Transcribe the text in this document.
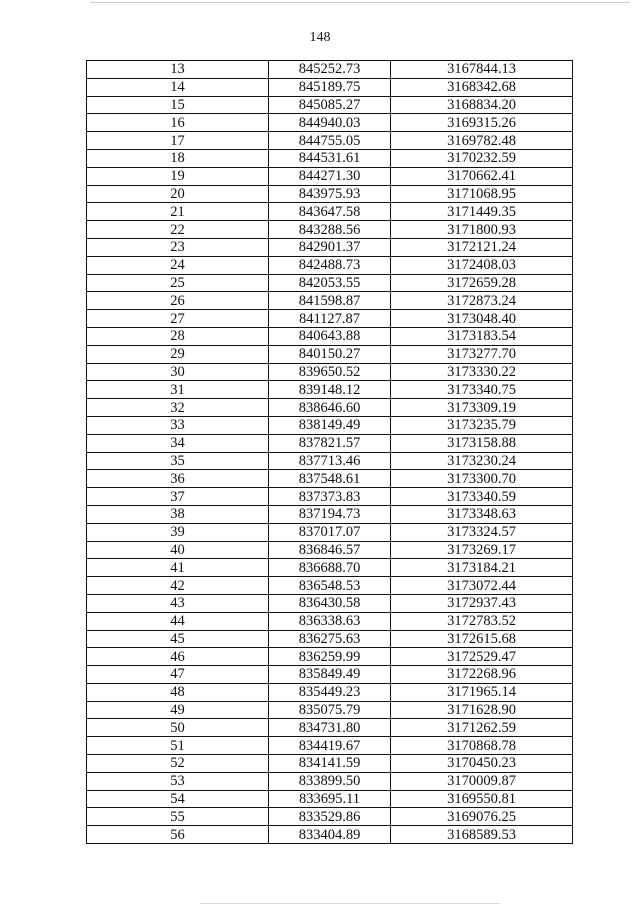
148
13	845252.73	3167844.13
14	845189.75	3168342.68
15	845085.27	3168834.20
16	844940.03	3169315.26
17	844755.05	3169782.48
18	844531.61	3170232.59
19	844271.30	3170662.41
20	843975.93	3171068.95
21	843647.58	3171449.35
22	843288.56	3171800.93
23	842901.37	3172121.24
24	842488.73	3172408.03
25	842053.55	3172659.28
26	841598.87	3172873.24
27	841127.87	3173048.40
28	840643.88	3173183.54
29	840150.27	3173277.70
30	839650.52	3173330.22
31	839148.12	3173340.75
32	838646.60	3173309.19
33	838149.49	3173235.79
34	837821.57	3173158.88
35	837713.46	3173230.24
36	837548.61	3173300.70
37	837373.83	3173340.59
38	837194.73	3173348.63
39	837017.07	3173324.57
40	836846.57	3173269.17
41	836688.70	3173184.21
42	836548.53	3173072.44
43	836430.58	3172937.43
44	836338.63	3172783.52
45	836275.63	3172615.68
46	836259.99	3172529.47
47	835849.49	3172268.96
48	835449.23	3171965.14
49	835075.79	3171628.90
50	834731.80	3171262.59
51	834419.67	3170868.78
52	834141.59	3170450.23
53	833899.50	3170009.87
54	833695.11	3169550.81
55	833529.86	3169076.25
56	833404.89	3168589.53
